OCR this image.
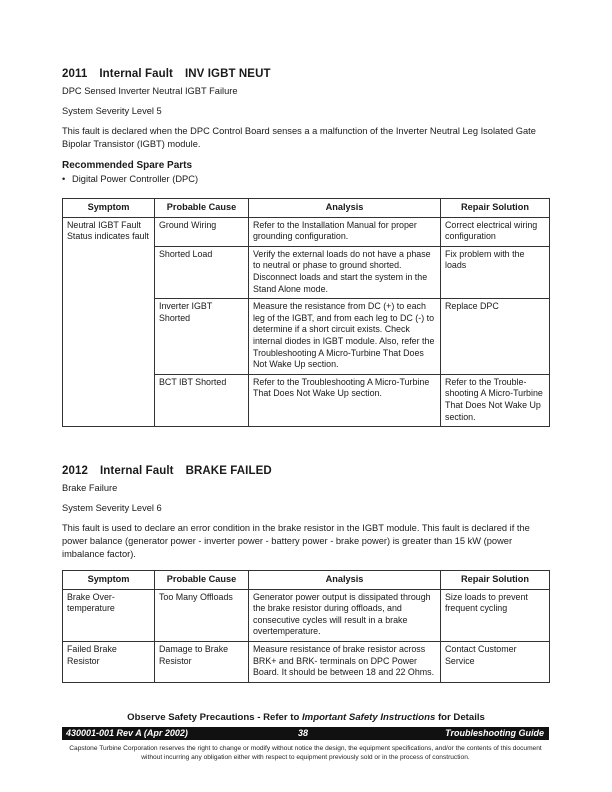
2011 Internal Fault INV IGBT NEUT
DPC Sensed Inverter Neutral IGBT Failure
System Severity Level 5
This fault is declared when the DPC Control Board senses a a malfunction of the Inverter Neutral Leg Isolated Gate Bipolar Transistor (IGBT) module.
Recommended Spare Parts
• Digital Power Controller (DPC)
Symptom	Probable Cause	Analysis	Repair Solution
Neutral IGBT Fault Status indicates fault	Ground Wiring	Refer to the Installation Manual for proper grounding configuration.	Correct electrical wiring configuration
	Shorted Load	Verify the external loads do not have a phase to neutral or phase to ground shorted. Disconnect loads and start the system in the Stand Alone mode.	Fix problem with the loads
	Inverter IGBT Shorted	Measure the resistance from DC (+) to each leg of the IGBT, and from each leg to DC (-) to determine if a short circuit exists. Check internal diodes in IGBT module. Also, refer the Troubleshooting A Micro-Turbine That Does Not Wake Up section.	Replace DPC
	BCT IBT Shorted	Refer to the Troubleshooting A Micro-Turbine That Does Not Wake Up section.	Refer to the Trouble-shooting A Micro-Turbine That Does Not Wake Up section.
2012 Internal Fault BRAKE FAILED
Brake Failure
System Severity Level 6
This fault is used to declare an error condition in the brake resistor in the IGBT module. This fault is declared if the power balance (generator power - inverter power - battery power - brake power) is greater than 15 kW (power imbalance factor).
Symptom	Probable Cause	Analysis	Repair Solution
Brake Over-temperature	Too Many Offloads	Generator power output is dissipated through the brake resistor during offloads, and consecutive cycles will result in a brake overtemperature.	Size loads to prevent frequent cycling
Failed Brake Resistor	Damage to Brake Resistor	Measure resistance of brake resistor across BRK+ and BRK- terminals on DPC Power Board. It should be between 18 and 22 Ohms.	Contact Customer Service
Observe Safety Precautions - Refer to Important Safety Instructions for Details
430001-001 Rev A (Apr 2002)	38	Troubleshooting Guide
Capstone Turbine Corporation reserves the right to change or modify without notice the design, the equipment specifications, and/or the contents of this document without incurring any obligation either with respect to equipment previously sold or in the process of construction.
